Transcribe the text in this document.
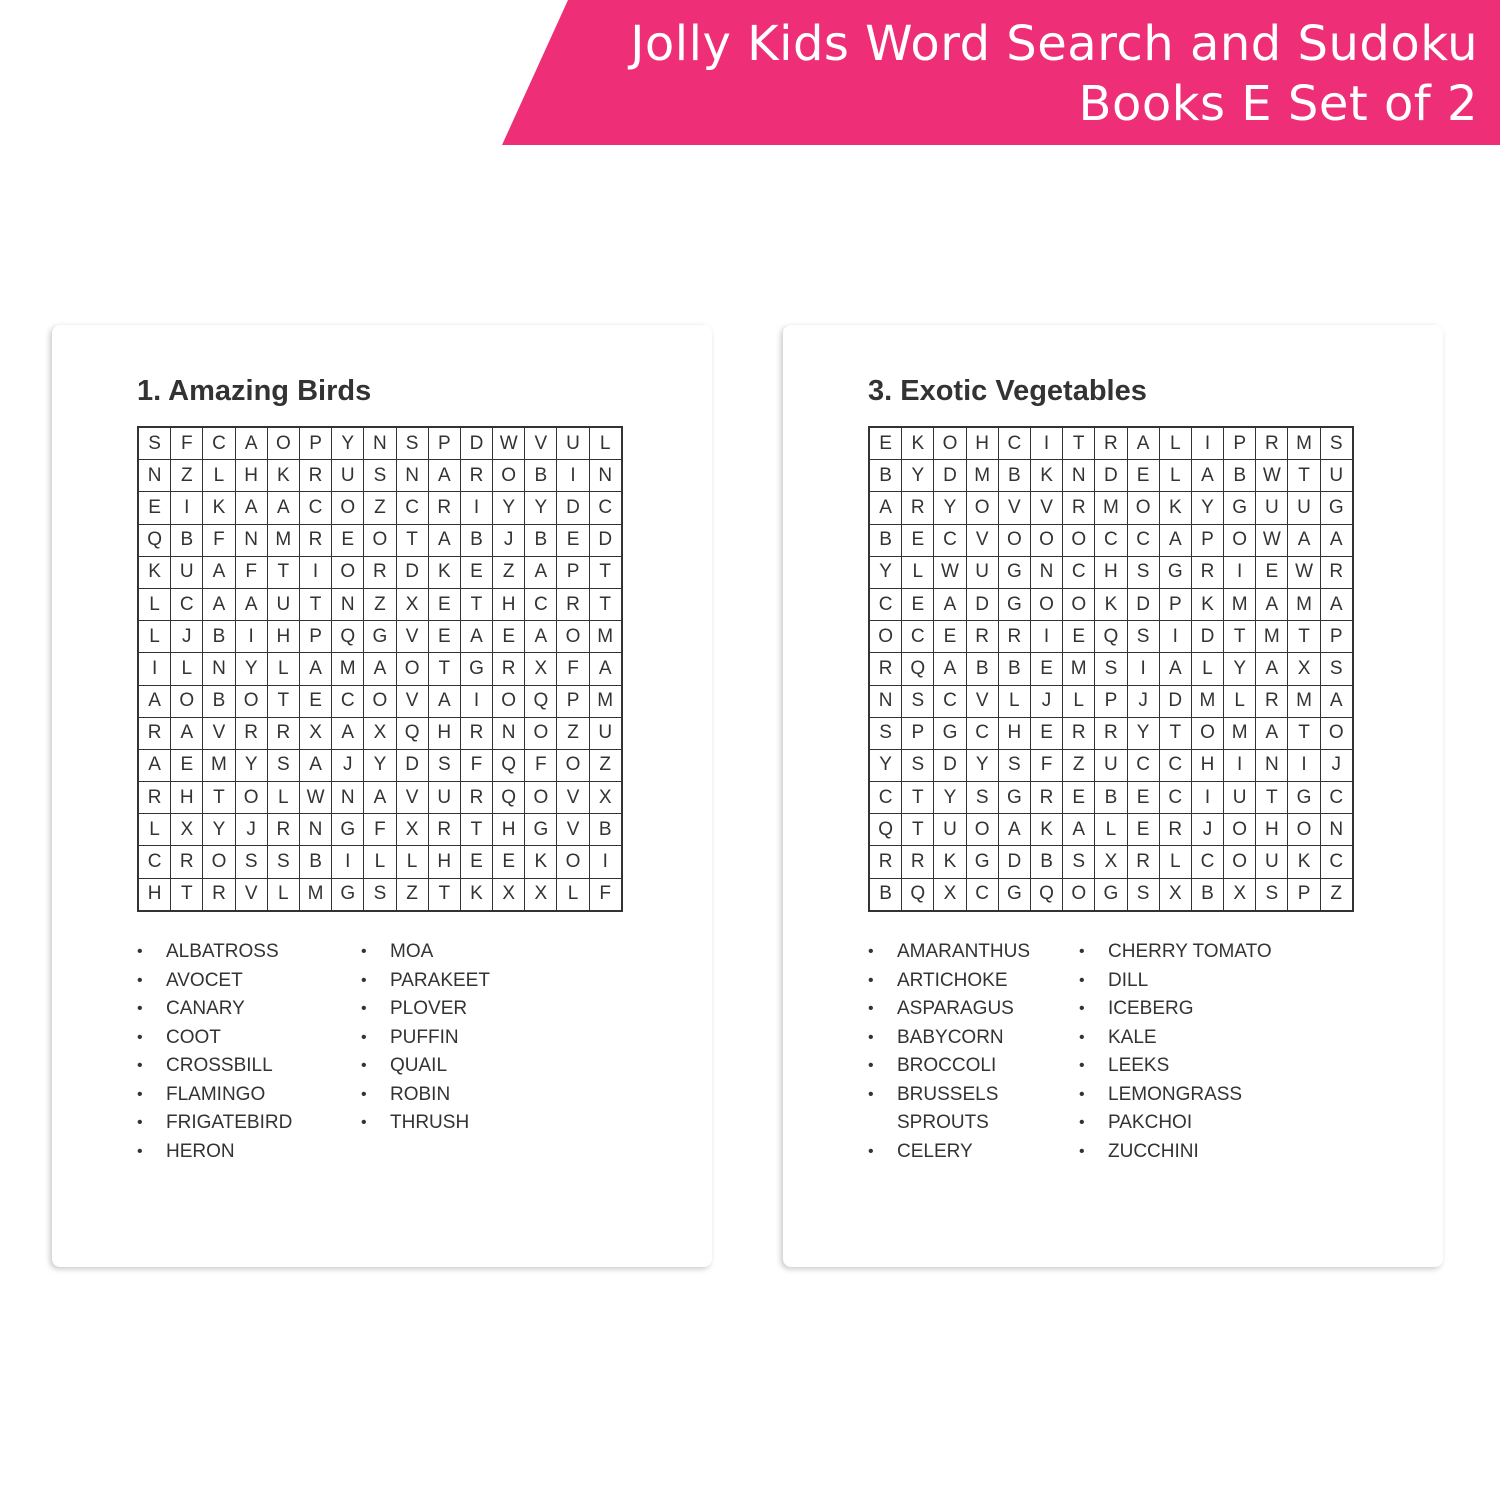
Jolly Kids Word Search and Sudoku
Books E Set of 2
1. Amazing Birds
S	F	C	A	O	P	Y	N	S	P	D	W	V	U	L
N	Z	L	H	K	R	U	S	N	A	R	O	B	I	N
E	I	K	A	A	C	O	Z	C	R	I	Y	Y	D	C
Q	B	F	N	M	R	E	O	T	A	B	J	B	E	D
K	U	A	F	T	I	O	R	D	K	E	Z	A	P	T
L	C	A	A	U	T	N	Z	X	E	T	H	C	R	T
L	J	B	I	H	P	Q	G	V	E	A	E	A	O	M
I	L	N	Y	L	A	M	A	O	T	G	R	X	F	A
A	O	B	O	T	E	C	O	V	A	I	O	Q	P	M
R	A	V	R	R	X	A	X	Q	H	R	N	O	Z	U
A	E	M	Y	S	A	J	Y	D	S	F	Q	F	O	Z
R	H	T	O	L	W	N	A	V	U	R	Q	O	V	X
L	X	Y	J	R	N	G	F	X	R	T	H	G	V	B
C	R	O	S	S	B	I	L	L	H	E	E	K	O	I
H	T	R	V	L	M	G	S	Z	T	K	X	X	L	F
• ALBATROSS
• AVOCET
• CANARY
• COOT
• CROSSBILL
• FLAMINGO
• FRIGATEBIRD
• HERON
• MOA
• PARAKEET
• PLOVER
• PUFFIN
• QUAIL
• ROBIN
• THRUSH
3. Exotic Vegetables
E	K	O	H	C	I	T	R	A	L	I	P	R	M	S
B	Y	D	M	B	K	N	D	E	L	A	B	W	T	U
A	R	Y	O	V	V	R	M	O	K	Y	G	U	U	G
B	E	C	V	O	O	O	C	C	A	P	O	W	A	A
Y	L	W	U	G	N	C	H	S	G	R	I	E	W	R
C	E	A	D	G	O	O	K	D	P	K	M	A	M	A
O	C	E	R	R	I	E	Q	S	I	D	T	M	T	P
R	Q	A	B	B	E	M	S	I	A	L	Y	A	X	S
N	S	C	V	L	J	L	P	J	D	M	L	R	M	A
S	P	G	C	H	E	R	R	Y	T	O	M	A	T	O
Y	S	D	Y	S	F	Z	U	C	C	H	I	N	I	J
C	T	Y	S	G	R	E	B	E	C	I	U	T	G	C
Q	T	U	O	A	K	A	L	E	R	J	O	H	O	N
R	R	K	G	D	B	S	X	R	L	C	O	U	K	C
B	Q	X	C	G	Q	O	G	S	X	B	X	S	P	Z
• AMARANTHUS
• ARTICHOKE
• ASPARAGUS
• BABYCORN
• BROCCOLI
• BRUSSELS
SPROUTS
• CELERY
• CHERRY TOMATO
• DILL
• ICEBERG
• KALE
• LEEKS
• LEMONGRASS
• PAKCHOI
• ZUCCHINI
